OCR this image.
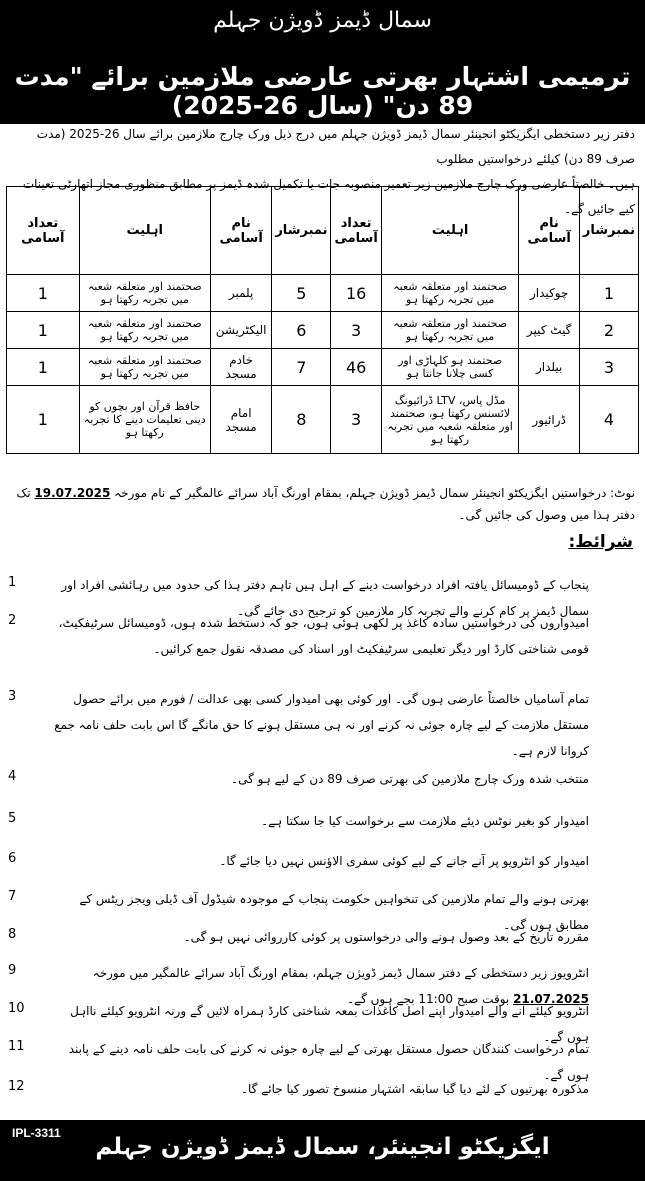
سمال ڈیمز ڈویژن جہلم
ترمیمی اشتہار بھرتی عارضی ملازمین برائے "مدت 89 دن" (سال 26-2025)
دفتر زیر دستخطی ایگزیکٹو انجینئر سمال ڈیمز ڈویژن جہلم میں درج ذیل ورک چارج ملازمین برائے سال 26-2025 (مدت صرف 89 دن) کیلئے درخواستیں مطلوب
ہیں۔ خالصتاً عارضی ورک چارج ملازمین زیر تعمیر منصوبہ جات یا تکمیل شدہ ڈیمز پر مطابق منظوری مجاز اتھارٹی تعینات کیے جائیں گے۔
نمبرشار	نام آسامی	اہلیت	تعداد آسامی	نمبرشار	نام آسامی	اہلیت	تعداد آسامی
1	چوکیدار	صحتمند اور متعلقہ شعبہ میں تجربہ رکھتا ہو	16	5	پلمبر	صحتمند اور متعلقہ شعبہ میں تجربہ رکھتا ہو	1
2	گیٹ کیپر	صحتمند اور متعلقہ شعبہ میں تجربہ رکھتا ہو	3	6	الیکٹریشن	صحتمند اور متعلقہ شعبہ میں تجربہ رکھتا ہو	1
3	بیلدار	صحتمند ہو کلہاڑی اور کسی چلانا جانتا ہو	46	7	خادم مسجد	صحتمند اور متعلقہ شعبہ میں تجربہ رکھتا ہو	1
4	ڈرائیور	مڈل پاس، LTV ڈرائیونگ لائسنس رکھتا ہو، صحتمند اور متعلقہ شعبہ میں تجربہ رکھتا ہو	3	8	امام مسجد	حافظ قرآن اور بچوں کو دینی تعلیمات دینے کا تجربہ رکھتا ہو	1
نوٹ: درخواستیں ایگزیکٹو انجینئر سمال ڈیمز ڈویژن جہلم، بمقام اورنگ آباد سرائے عالمگیر کے نام مورخہ 19.07.2025 تک دفتر ہذا میں وصول کی جائیں گی۔
شرائط:
1	پنجاب کے ڈومیسائل یافتہ افراد درخواست دینے کے اہل ہیں تاہم دفتر ہذا کی حدود میں رہائشی افراد اور سمال ڈیمز پر کام کرنے والے تجربہ کار ملازمین کو ترجیح دی جائے گی۔
2	امیدواروں کی درخواستیں سادہ کاغذ پر لکھی ہوئی ہوں، جو کہ دستخط شدہ ہوں، ڈومیسائل سرٹیفکیٹ، قومی شناختی کارڈ اور دیگر تعلیمی سرٹیفکیٹ اور اسناد کی مصدقہ نقول جمع کرائیں۔
3	تمام آسامیاں خالصتاً عارضی ہوں گی۔ اور کوئی بھی امیدوار کسی بھی عدالت / فورم میں برائے حصول مستقل ملازمت کے لیے چارہ جوئی نہ کرنے اور نہ ہی مستقل ہونے کا حق مانگے گا اس بابت حلف نامہ جمع کروانا لازم ہے۔
4	منتخب شدہ ورک چارج ملازمین کی بھرتی صرف 89 دن کے لیے ہو گی۔
5	امیدوار کو بغیر نوٹس دیئے ملازمت سے برخواست کیا جا سکتا ہے۔
6	امیدوار کو انٹرویو پر آنے جانے کے لیے کوئی سفری الاؤنس نہیں دیا جائے گا۔
7	بھرتی ہونے والے تمام ملازمین کی تنخواہیں حکومت پنجاب کے موجودہ شیڈول آف ڈیلی ویجز ریٹس کے مطابق ہوں گی۔
8	مقررہ تاریخ کے بعد وصول ہونے والی درخواستوں پر کوئی کارروائی نہیں ہو گی۔
9	انٹرویوز زیر دستخطی کے دفتر سمال ڈیمز ڈویژن جہلم، بمقام اورنگ آباد سرائے عالمگیر میں مورخہ 21.07.2025 بوقت صبح 11:00 بجے ہوں گے۔
10	انٹرویو کیلئے آنے والے امیدوار اپنے اصل کاغذات بمعہ شناختی کارڈ ہمراہ لائیں گے ورنہ انٹرویو کیلئے نااہل ہوں گے۔
11	تمام درخواست کنندگان حصول مستقل بھرتی کے لیے چارہ جوئی نہ کرنے کی بابت حلف نامہ دینے کے پابند ہوں گے۔
12	مذکورہ بھرتیوں کے لئے دیا گیا سابقہ اشتہار منسوخ تصور کیا جائے گا۔
IPL-3311
ایگزیکٹو انجینئر، سمال ڈیمز ڈویژن جہلم
